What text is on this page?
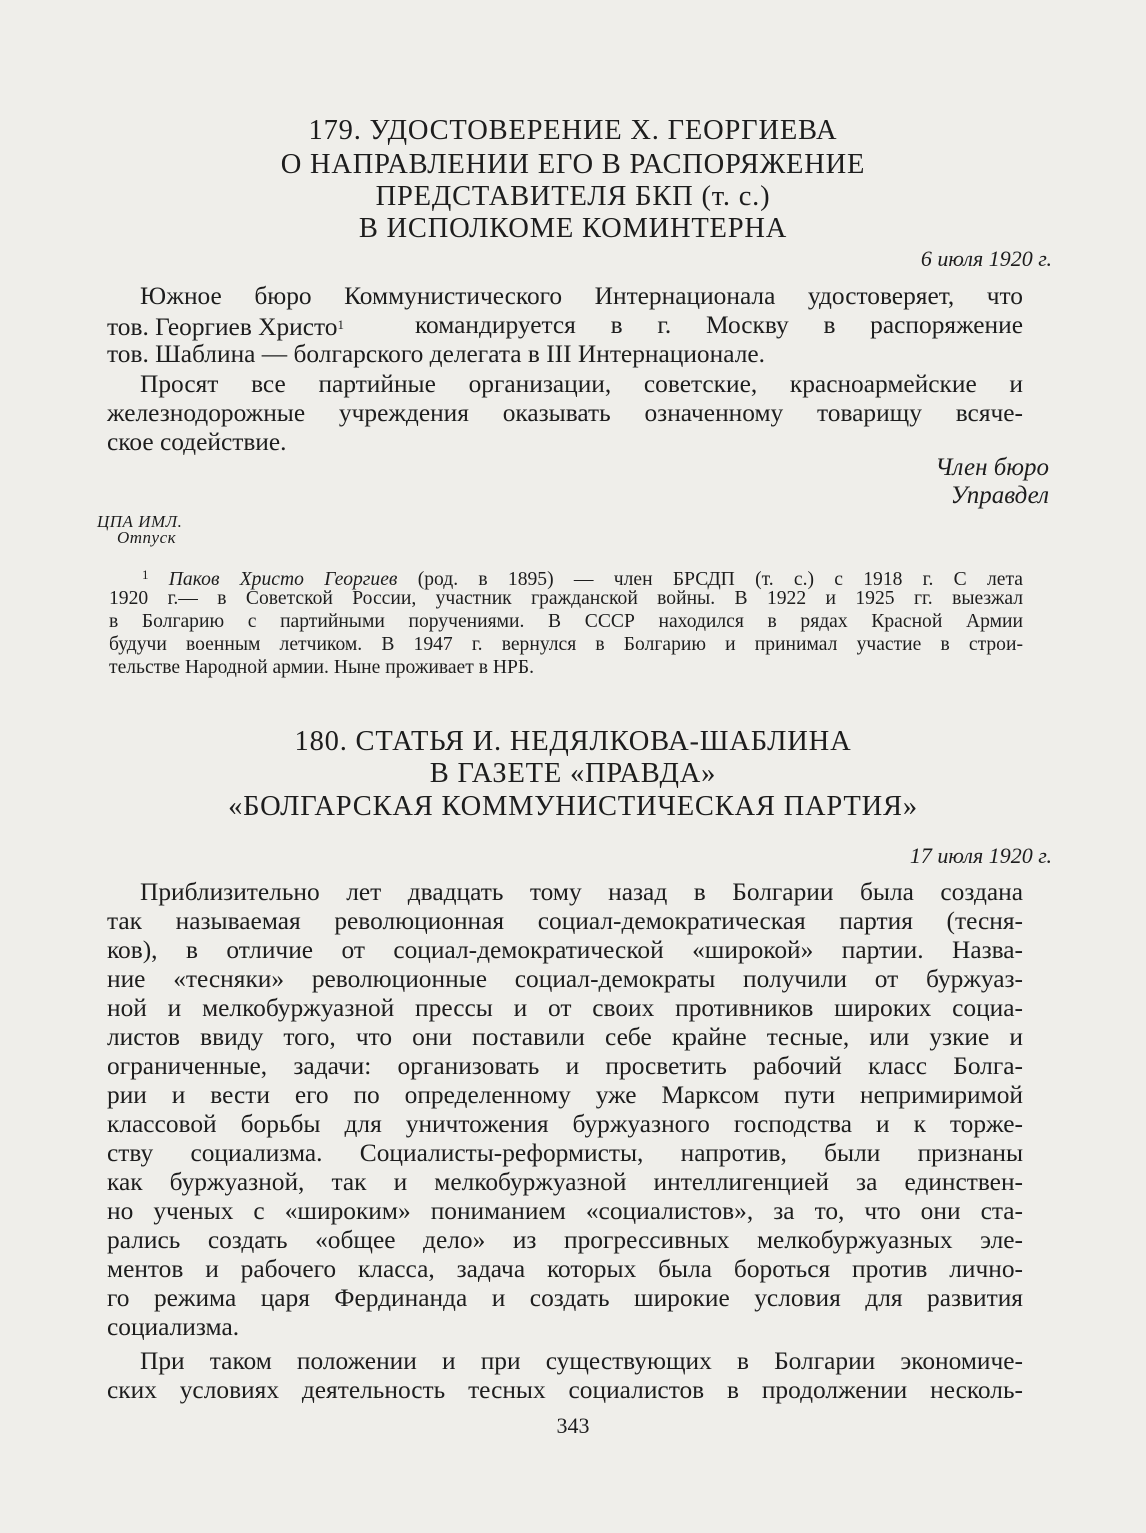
179. УДОСТОВЕРЕНИЕ Х. ГЕОРГИЕВА
О НАПРАВЛЕНИИ ЕГО В РАСПОРЯЖЕНИЕ
ПРЕДСТАВИТЕЛЯ БКП (т. с.)
В ИСПОЛКОМЕ КОМИНТЕРНА
6 июля 1920 г.
Южное бюро Коммунистического Интернационала удостоверяет, что
тов. Георгиев Христо$^1$	командируется в г. Москву в распоряжение
тов. Шаблина — болгарского делегата в III Интернационале.
Просят все партийные организации, советские, красноармейские и
железнодорожные учреждения оказывать означенному товарищу всяче-
ское содействие.
Член бюро
Управдел
ЦПА ИМЛ.
Отпуск
$^1$ Паков Христо Георгиев (род. в 1895) — член БРСДП (т. с.) с 1918 г. С лета
1920 г.— в Советской России, участник гражданской войны. В 1922 и 1925 гг. выезжал
в Болгарию с партийными поручениями. В СССР находился в рядах Красной Армии
будучи военным летчиком. В 1947 г. вернулся в Болгарию и принимал участие в строи-
тельстве Народной армии. Ныне проживает в НРБ.
180. СТАТЬЯ И. НЕДЯЛКОВА-ШАБЛИНА
В ГАЗЕТЕ «ПРАВДА»
«БОЛГАРСКАЯ КОММУНИСТИЧЕСКАЯ ПАРТИЯ»
17 июля 1920 г.
Приблизительно лет двадцать тому назад в Болгарии была создана
так называемая революционная социал-демократическая партия (тесня-
ков), в отличие от социал-демократической «широкой» партии. Назва-
ние «тесняки» революционные социал-демократы получили от буржуаз-
ной и мелкобуржуазной прессы и от своих противников широких социа-
листов ввиду того, что они поставили себе крайне тесные, или узкие и
ограниченные, задачи: организовать и просветить рабочий класс Болга-
рии и вести его по определенному уже Марксом пути непримиримой
классовой борьбы для уничтожения буржуазного господства и к торже-
ству социализма. Социалисты-реформисты, напротив, были признаны
как буржуазной, так и мелкобуржуазной интеллигенцией за единствен-
но ученых с «широким» пониманием «социалистов», за то, что они ста-
рались создать «общее дело» из прогрессивных мелкобуржуазных эле-
ментов и рабочего класса, задача которых была бороться против лично-
го режима царя Фердинанда и создать широкие условия для развития
социализма.
При таком положении и при существующих в Болгарии экономиче-
ских условиях деятельность тесных социалистов в продолжении несколь-
343
